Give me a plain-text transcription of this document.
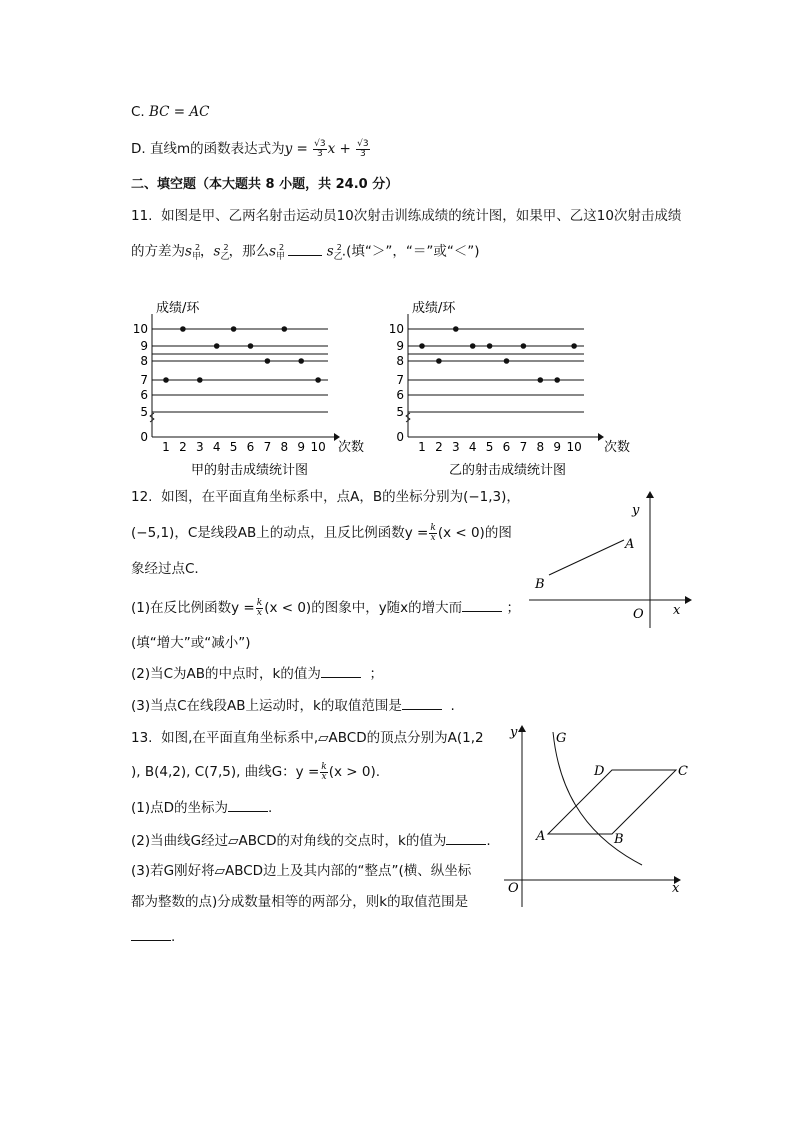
C. BC = AC
D. 直线m的函数表达式为$y = \frac{√3}{3}$ $x + \frac{√3}{3}$
二、填空题（本大题共 8 小题，共 24.0 分）
11. 如图是甲、乙两名射击运动员10次射击训练成绩的统计图，如果甲、乙这10次射击成绩
的方差为$s_甲^2$，$s_乙^2$，那么$s_甲^2$	$s_乙^2$.(填“＞”，“＝”或“＜”)
成绩/环
次数
甲的射击成绩统计图
0
5
6
7
8
9
10
1 2 3 4 5 6 7 8 9 10
成绩/环
次数
乙的射击成绩统计图
0
5
6
7
8
9
10
1 2 3 4 5 6 7 8 9 10
12. 如图，在平面直角坐标系中，点A，B的坐标分别为(−1,3)，
(−5,1)，C是线段AB上的动点，且反比例函数$y = \frac{k}{x} (x < 0)$的图
象经过点C.
(1)在反比例函数$y = \frac{k}{x} (x < 0)$的图象中，y随x的增大而	；
(填“增大”或“减小”)
(2)当C为AB的中点时，k的值为	；
(3)当点C在线段AB上运动时，k的取值范围是	.
A
B
O x
y
13. 如图,在平面直角坐标系中,▱ABCD的顶点分别为A(1,2
), B(4,2), C(7,5), 曲线G：$y = \frac{k}{x} (x > 0)$.
(1)点D的坐标为	.
(2)当曲线G经过▱ABCD的对角线的交点时，k的值为	.
(3)若G刚好将▱ABCD边上及其内部的“整点”(横、纵坐标
都为整数的点)分成数量相等的两部分，则k的取值范围是
.
G
A	B
C
D
O	x
y
